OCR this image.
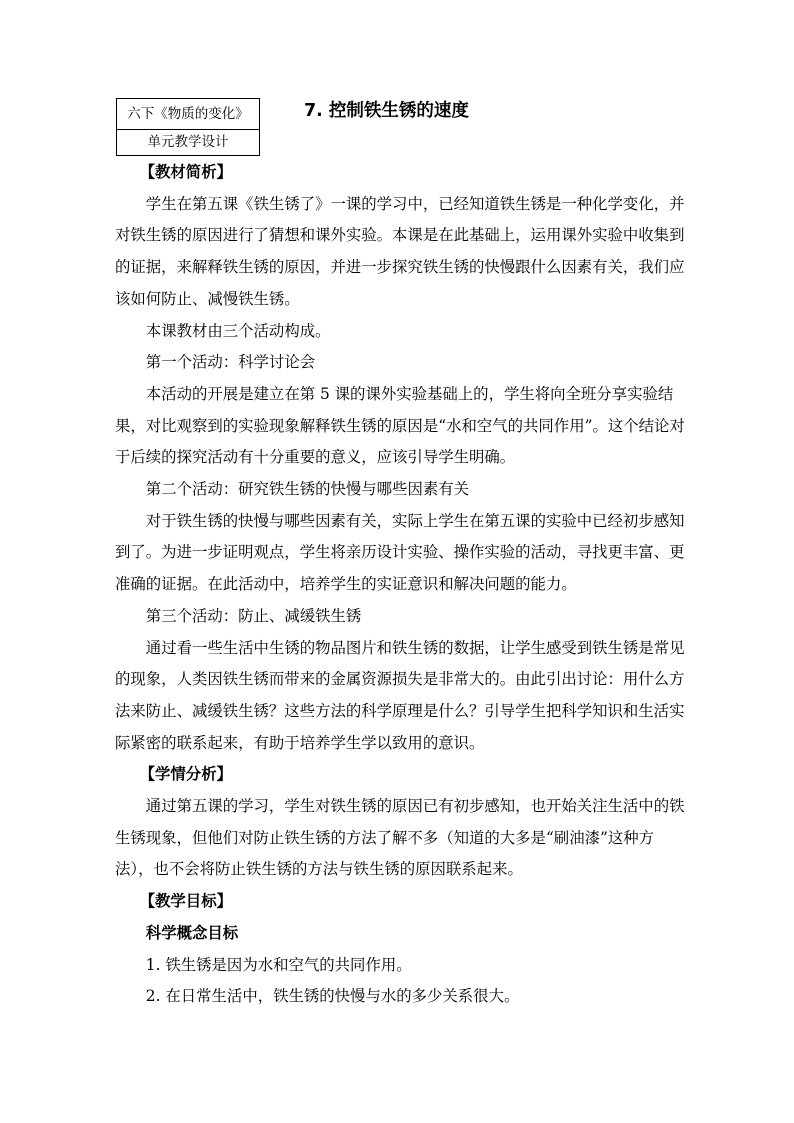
六下《物质的变化》
单元教学设计
7. 控制铁生锈的速度

【教材简析】

学生在第五课《铁生锈了》一课的学习中，已经知道铁生锈是一种化学变化，并对铁生锈的原因进行了猜想和课外实验。本课是在此基础上，运用课外实验中收集到的证据，来解释铁生锈的原因，并进一步探究铁生锈的快慢跟什么因素有关，我们应该如何防止、减慢铁生锈。

本课教材由三个活动构成。

第一个活动：科学讨论会

本活动的开展是建立在第 5 课的课外实验基础上的，学生将向全班分享实验结果，对比观察到的实验现象解释铁生锈的原因是“水和空气的共同作用”。这个结论对于后续的探究活动有十分重要的意义，应该引导学生明确。

第二个活动：研究铁生锈的快慢与哪些因素有关

对于铁生锈的快慢与哪些因素有关，实际上学生在第五课的实验中已经初步感知到了。为进一步证明观点，学生将亲历设计实验、操作实验的活动，寻找更丰富、更准确的证据。在此活动中，培养学生的实证意识和解决问题的能力。

第三个活动：防止、减缓铁生锈

通过看一些生活中生锈的物品图片和铁生锈的数据，让学生感受到铁生锈是常见的现象，人类因铁生锈而带来的金属资源损失是非常大的。由此引出讨论：用什么方法来防止、减缓铁生锈？这些方法的科学原理是什么？引导学生把科学知识和生活实际紧密的联系起来，有助于培养学生学以致用的意识。

【学情分析】

通过第五课的学习，学生对铁生锈的原因已有初步感知，也开始关注生活中的铁生锈现象，但他们对防止铁生锈的方法了解不多（知道的大多是“刷油漆”这种方法），也不会将防止铁生锈的方法与铁生锈的原因联系起来。

【教学目标】

科学概念目标

1. 铁生锈是因为水和空气的共同作用。

2. 在日常生活中，铁生锈的快慢与水的多少关系很大。
